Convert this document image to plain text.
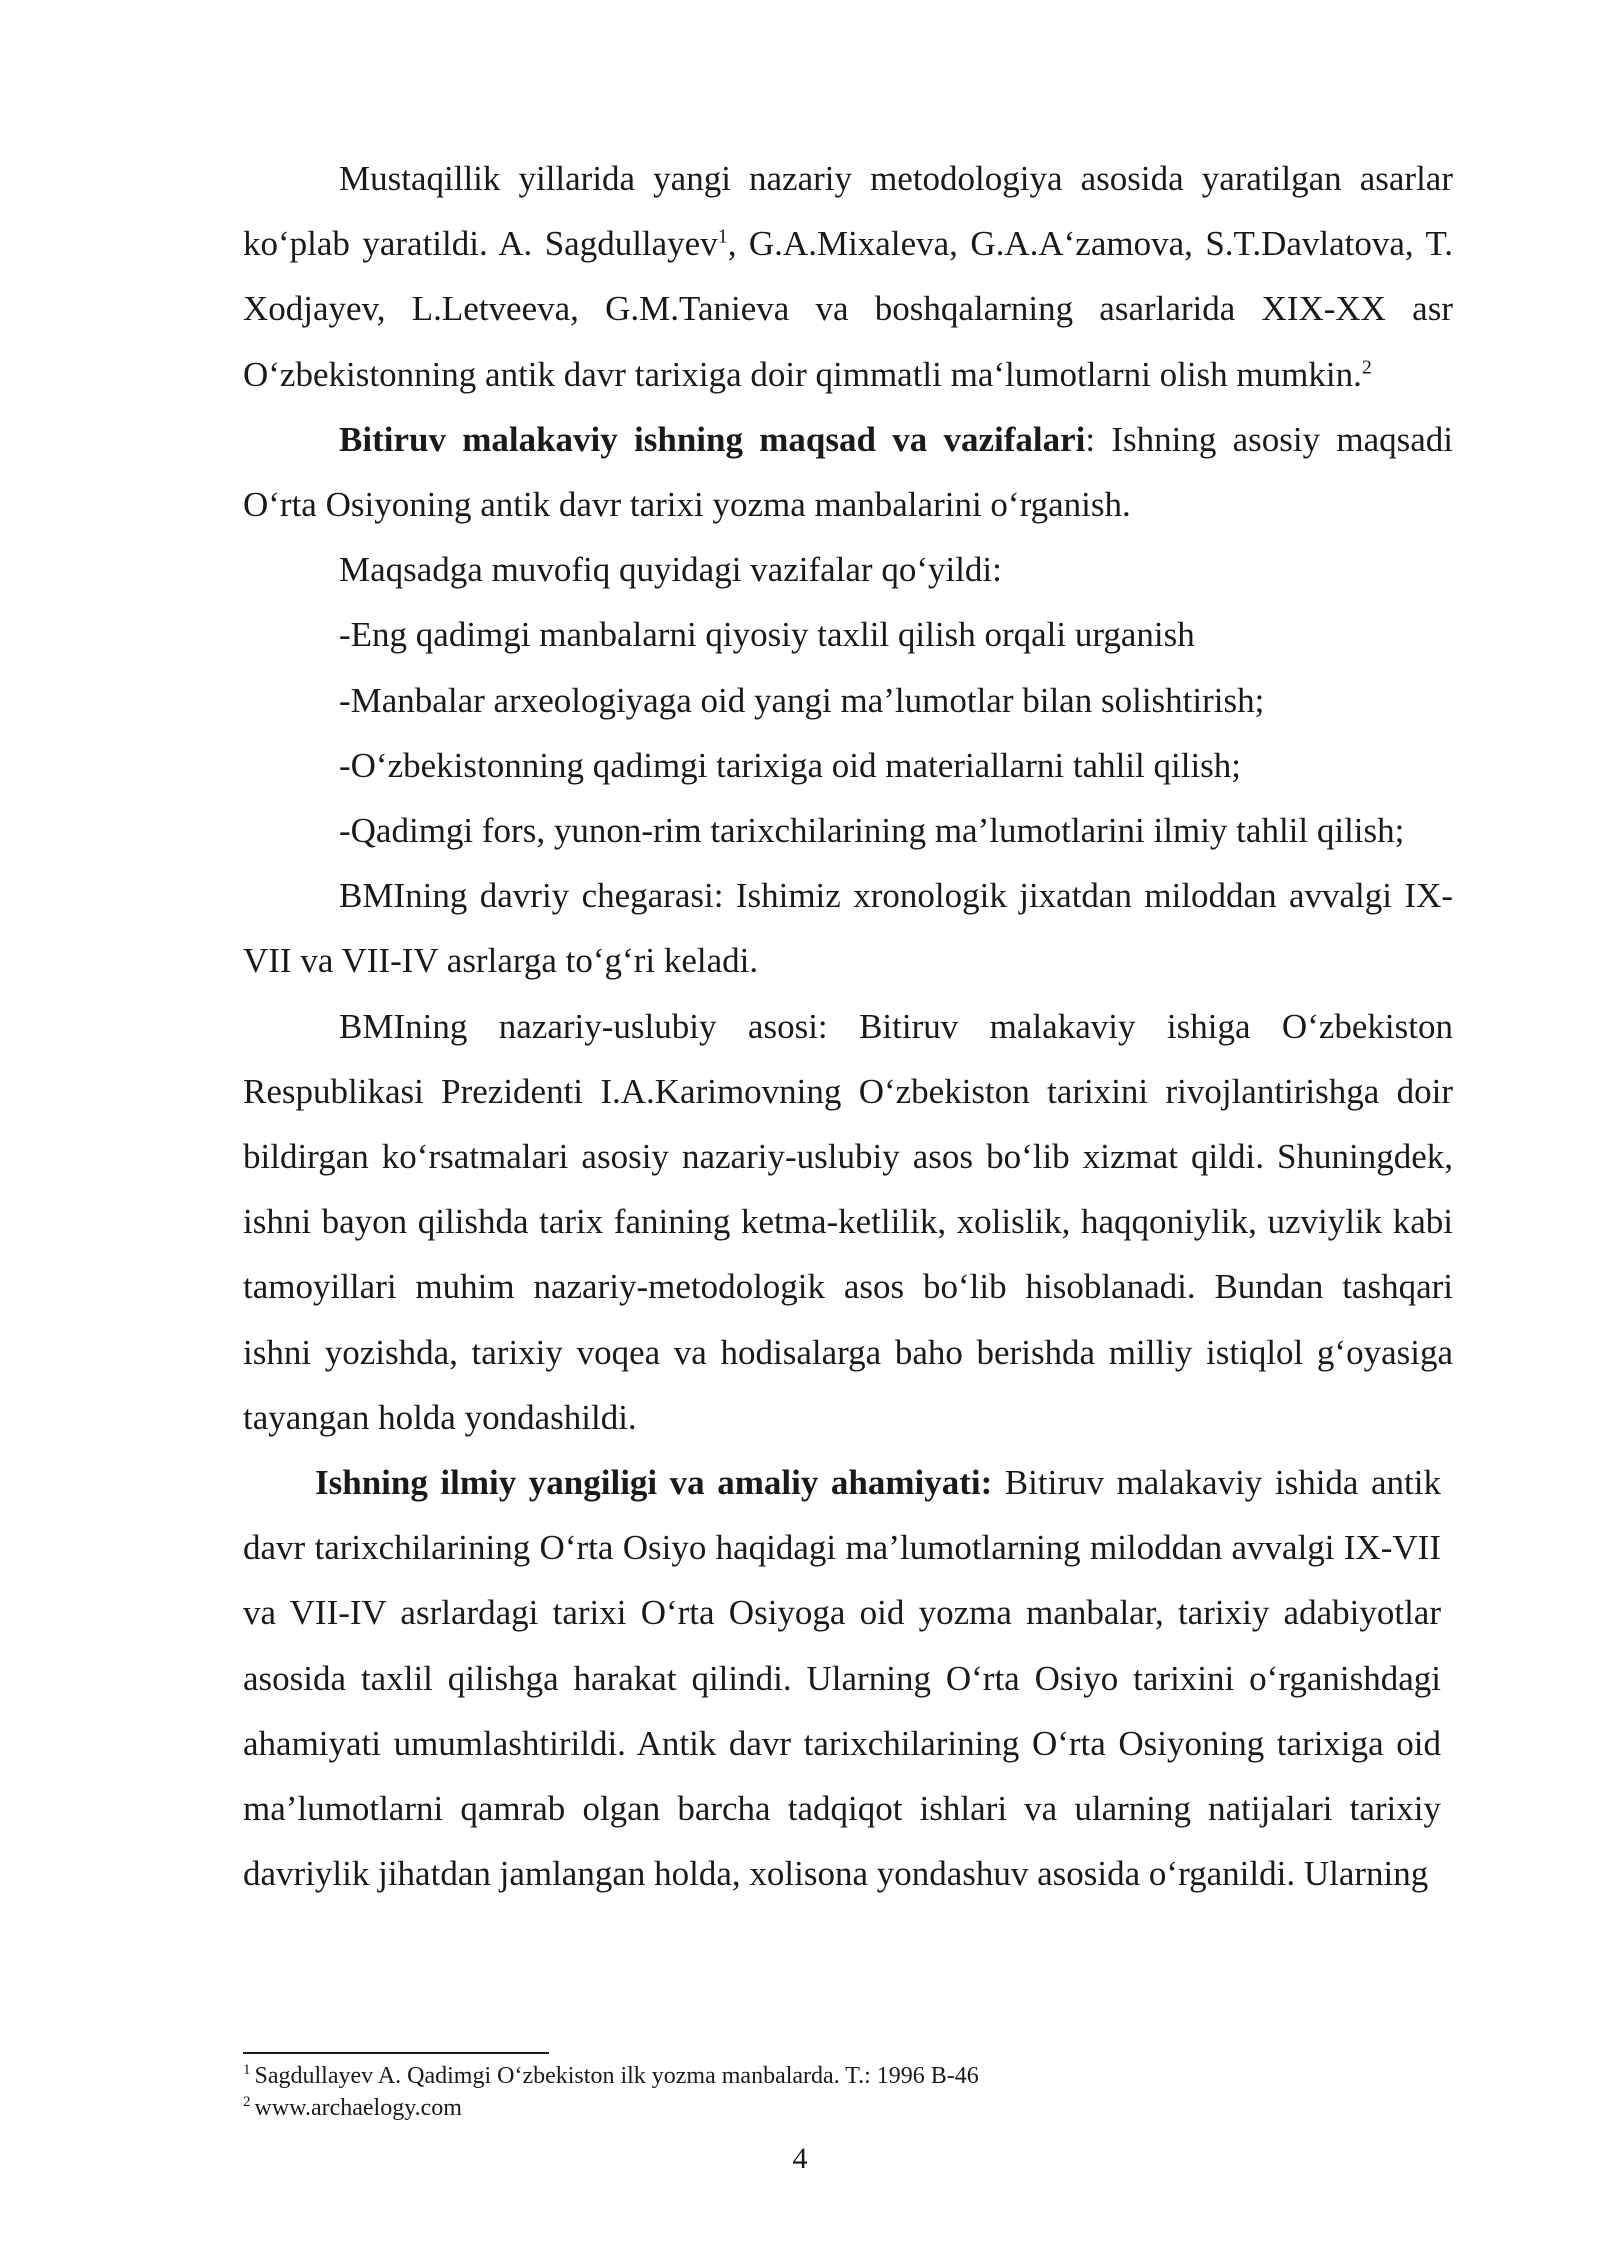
Mustaqillik yillarida yangi nazariy metodologiya asosida yaratilgan asarlar ko‘plab yaratildi. A. Sagdullayev$^1$, G.A.Mixaleva, G.A.A‘zamova, S.T.Davlatova, T. Xodjayev, L.Letveeva, G.M.Tanieva va boshqalarning asarlarida XIX-XX asr O‘zbekistonning antik davr tarixiga doir qimmatli ma‘lumotlarni olish mumkin.$^2$

Bitiruv malakaviy ishning maqsad va vazifalari: Ishning asosiy maqsadi O‘rta Osiyoning antik davr tarixi yozma manbalarini o‘rganish.

Maqsadga muvofiq quyidagi vazifalar qo‘yildi:

-Eng qadimgi manbalarni qiyosiy taxlil qilish orqali urganish

-Manbalar arxeologiyaga oid yangi ma’lumotlar bilan solishtirish;

-O‘zbekistonning qadimgi tarixiga oid materiallarni tahlil qilish;

-Qadimgi fors, yunon-rim tarixchilarining ma’lumotlarini ilmiy tahlil qilish;

BMIning davriy chegarasi: Ishimiz xronologik jixatdan miloddan avvalgi IX-VII va VII-IV asrlarga to‘g‘ri keladi.

BMIning nazariy-uslubiy asosi: Bitiruv malakaviy ishiga O‘zbekiston Respublikasi Prezidenti I.A.Karimovning O‘zbekiston tarixini rivojlantirishga doir bildirgan ko‘rsatmalari asosiy nazariy-uslubiy asos bo‘lib xizmat qildi. Shuningdek, ishni bayon qilishda tarix fanining ketma-ketlilik, xolislik, haqqoniylik, uzviylik kabi tamoyillari muhim nazariy-metodologik asos bo‘lib hisoblanadi. Bundan tashqari ishni yozishda, tarixiy voqea va hodisalarga baho berishda milliy istiqlol g‘oyasiga tayangan holda yondashildi.

Ishning ilmiy yangiligi va amaliy ahamiyati: Bitiruv malakaviy ishida antik davr tarixchilarining O‘rta Osiyo haqidagi ma’lumotlarning miloddan avvalgi IX-VII va VII-IV asrlardagi tarixi O‘rta Osiyoga oid yozma manbalar, tarixiy adabiyotlar asosida taxlil qilishga harakat qilindi. Ularning O‘rta Osiyo tarixini o‘rganishdagi ahamiyati umumlashtirildi. Antik davr tarixchilarining O‘rta Osiyoning tarixiga oid ma’lumotlarni qamrab olgan barcha tadqiqot ishlari va ularning natijalari tarixiy davriylik jihatdan jamlangan holda, xolisona yondashuv asosida o‘rganildi. Ularning

$^1$ Sagdullayev A. Qadimgi O‘zbekiston ilk yozma manbalarda. T.: 1996 B-46

$^2$ www.archaelogy.com

4
